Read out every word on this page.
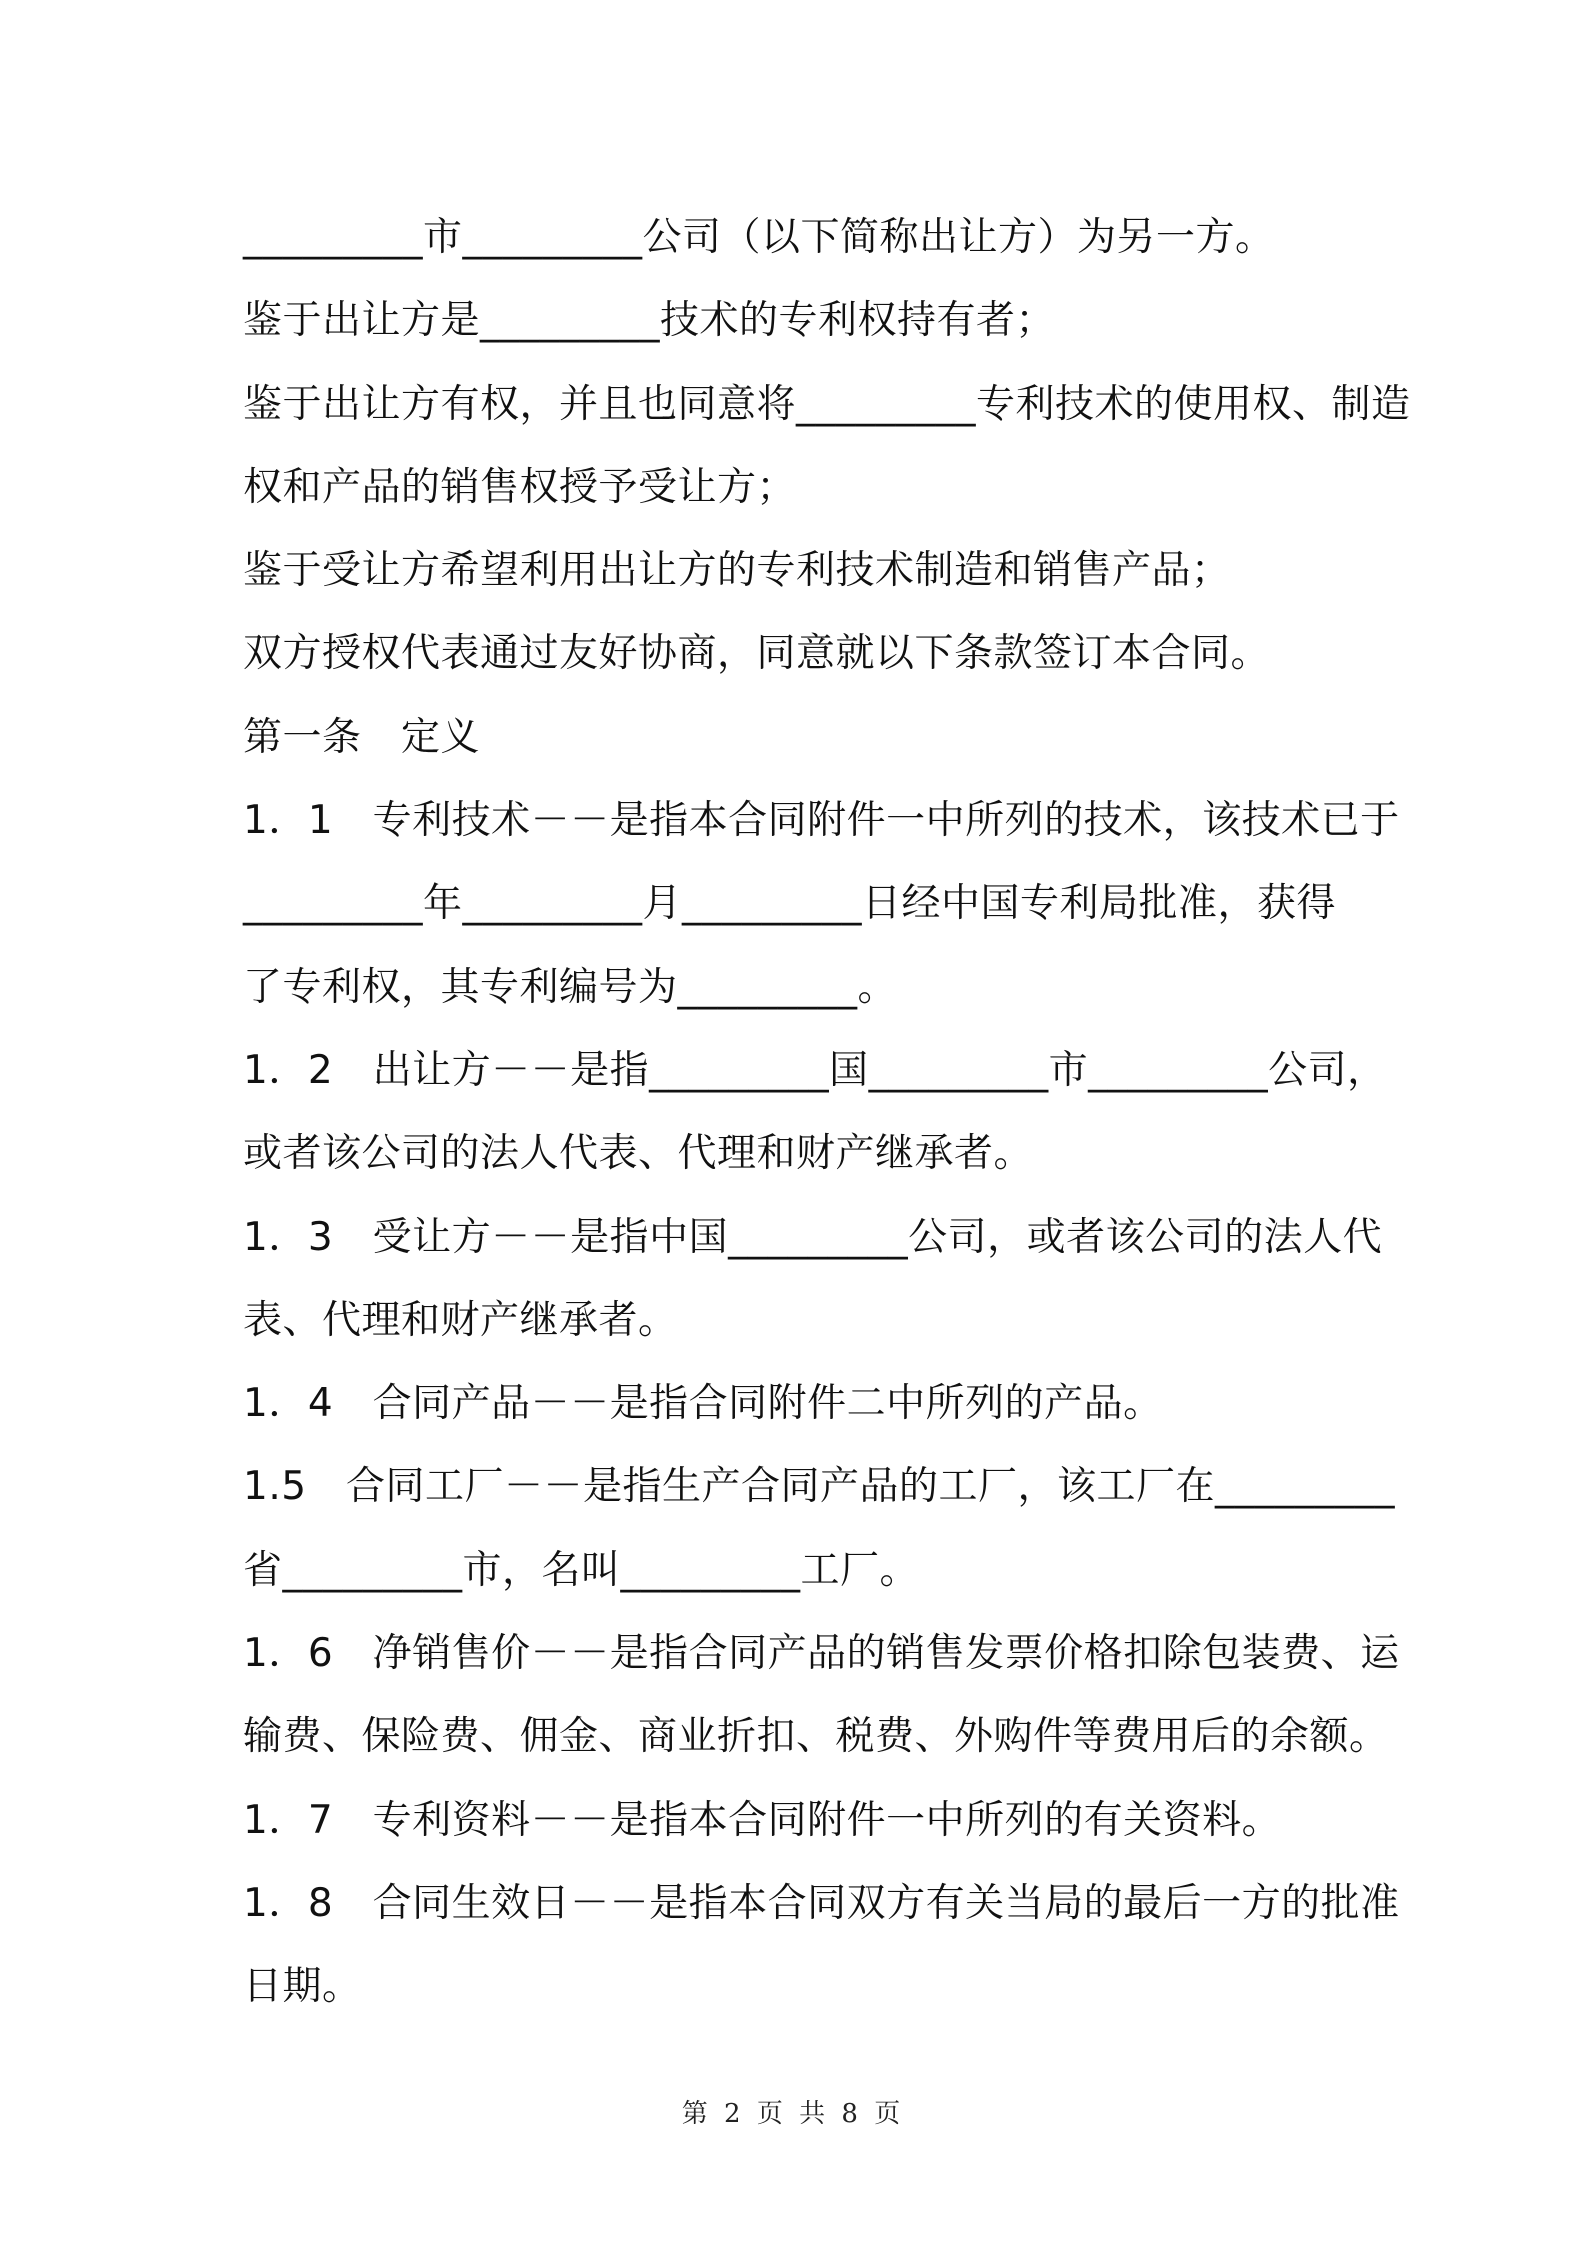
_________市_________公司（以下简称出让方）为另一方。
鉴于出让方是_________技术的专利权持有者；
鉴于出让方有权，并且也同意将_________专利技术的使用权、制造
权和产品的销售权授予受让方；
鉴于受让方希望利用出让方的专利技术制造和销售产品；
双方授权代表通过友好协商，同意就以下条款签订本合同。
第一条　定义
1．1　专利技术－－是指本合同附件一中所列的技术，该技术已于
_________年_________月_________日经中国专利局批准，获得
了专利权，其专利编号为_________。
1．2　出让方－－是指_________国_________市_________公司，
或者该公司的法人代表、代理和财产继承者。
1．3　受让方－－是指中国_________公司，或者该公司的法人代
表、代理和财产继承者。
1．4　合同产品－－是指合同附件二中所列的产品。
1.5　合同工厂－－是指生产合同产品的工厂，该工厂在_________
省_________市，名叫_________工厂。
1．6　净销售价－－是指合同产品的销售发票价格扣除包装费、运
输费、保险费、佣金、商业折扣、税费、外购件等费用后的余额。
1．7　专利资料－－是指本合同附件一中所列的有关资料。
1．8　合同生效日－－是指本合同双方有关当局的最后一方的批准
日期。
第 2 页 共 8 页
